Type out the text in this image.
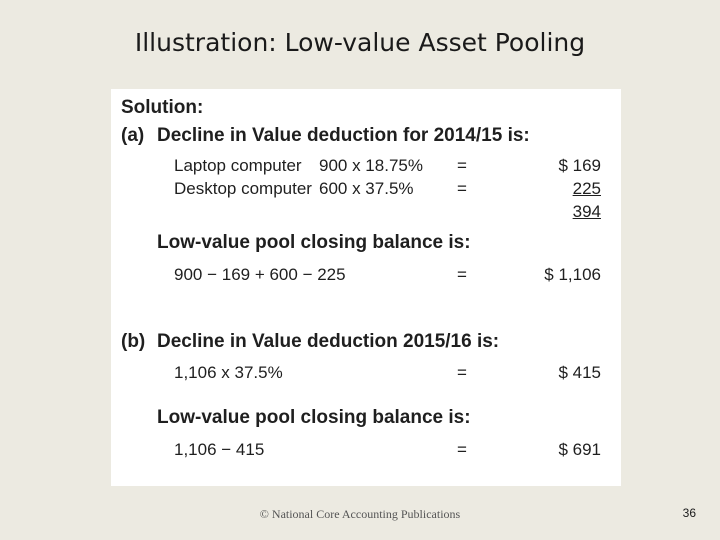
Illustration: Low-value Asset Pooling
Solution:
(a) Decline in Value deduction for 2014/15 is:
Laptop computer 900 x 18.75% =	$ 169
Desktop computer 600 x 37.5%	=	225
394
Low-value pool closing balance is:
900 − 169 + 600 − 225	=	$ 1,106
(b) Decline in Value deduction 2015/16 is:
1,106 x 37.5%	=	$ 415
Low-value pool closing balance is:
1,106 − 415	=	$ 691
© National Core Accounting Publications	36
